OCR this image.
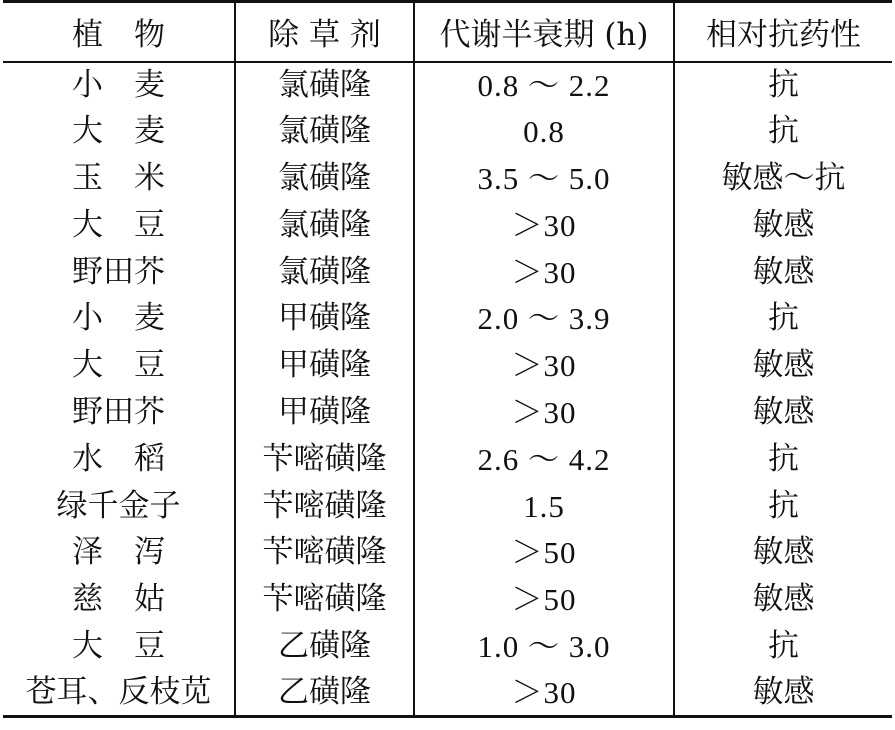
植　物	除 草 剂	代谢半衰期 (h)	相对抗药性
小　麦	氯磺隆	0.8 ～ 2.2	抗
大　麦	氯磺隆	0.8	抗
玉　米	氯磺隆	3.5 ～ 5.0	敏感～抗
大　豆	氯磺隆	＞30	敏感
野田芥	氯磺隆	＞30	敏感
小　麦	甲磺隆	2.0 ～ 3.9	抗
大　豆	甲磺隆	＞30	敏感
野田芥	甲磺隆	＞30	敏感
水　稻	苄嘧磺隆	2.6 ～ 4.2	抗
绿千金子	苄嘧磺隆	1.5	抗
泽　泻	苄嘧磺隆	＞50	敏感
慈　姑	苄嘧磺隆	＞50	敏感
大　豆	乙磺隆	1.0 ～ 3.0	抗
苍耳、反枝苋	乙磺隆	＞30	敏感
